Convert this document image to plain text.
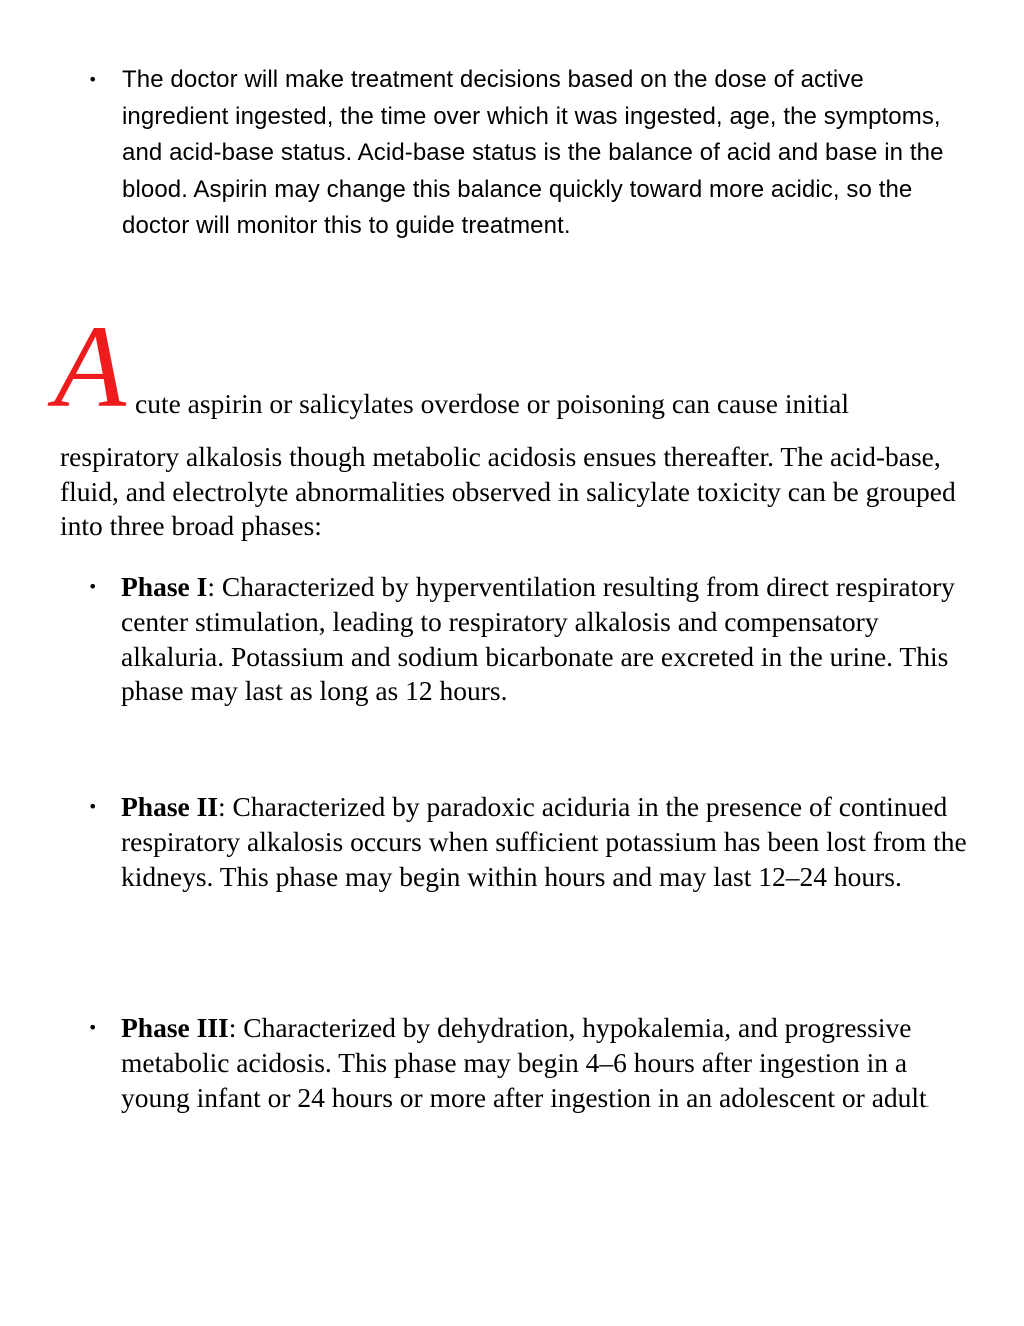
• The doctor will make treatment decisions based on the dose of active ingredient ingested, the time over which it was ingested, age, the symptoms, and acid-base status. Acid-base status is the balance of acid and base in the blood. Aspirin may change this balance quickly toward more acidic, so the doctor will monitor this to guide treatment.
A cute aspirin or salicylates overdose or poisoning can cause initial
respiratory alkalosis though metabolic acidosis ensues thereafter. The acid-base, fluid, and electrolyte abnormalities observed in salicylate toxicity can be grouped into three broad phases:
• Phase I: Characterized by hyperventilation resulting from direct respiratory center stimulation, leading to respiratory alkalosis and compensatory alkaluria. Potassium and sodium bicarbonate are excreted in the urine. This phase may last as long as 12 hours.
• Phase II: Characterized by paradoxic aciduria in the presence of continued respiratory alkalosis occurs when sufficient potassium has been lost from the kidneys. This phase may begin within hours and may last 12–24 hours.
• Phase III: Characterized by dehydration, hypokalemia, and progressive metabolic acidosis. This phase may begin 4–6 hours after ingestion in a young infant or 24 hours or more after ingestion in an adolescent or adult.
